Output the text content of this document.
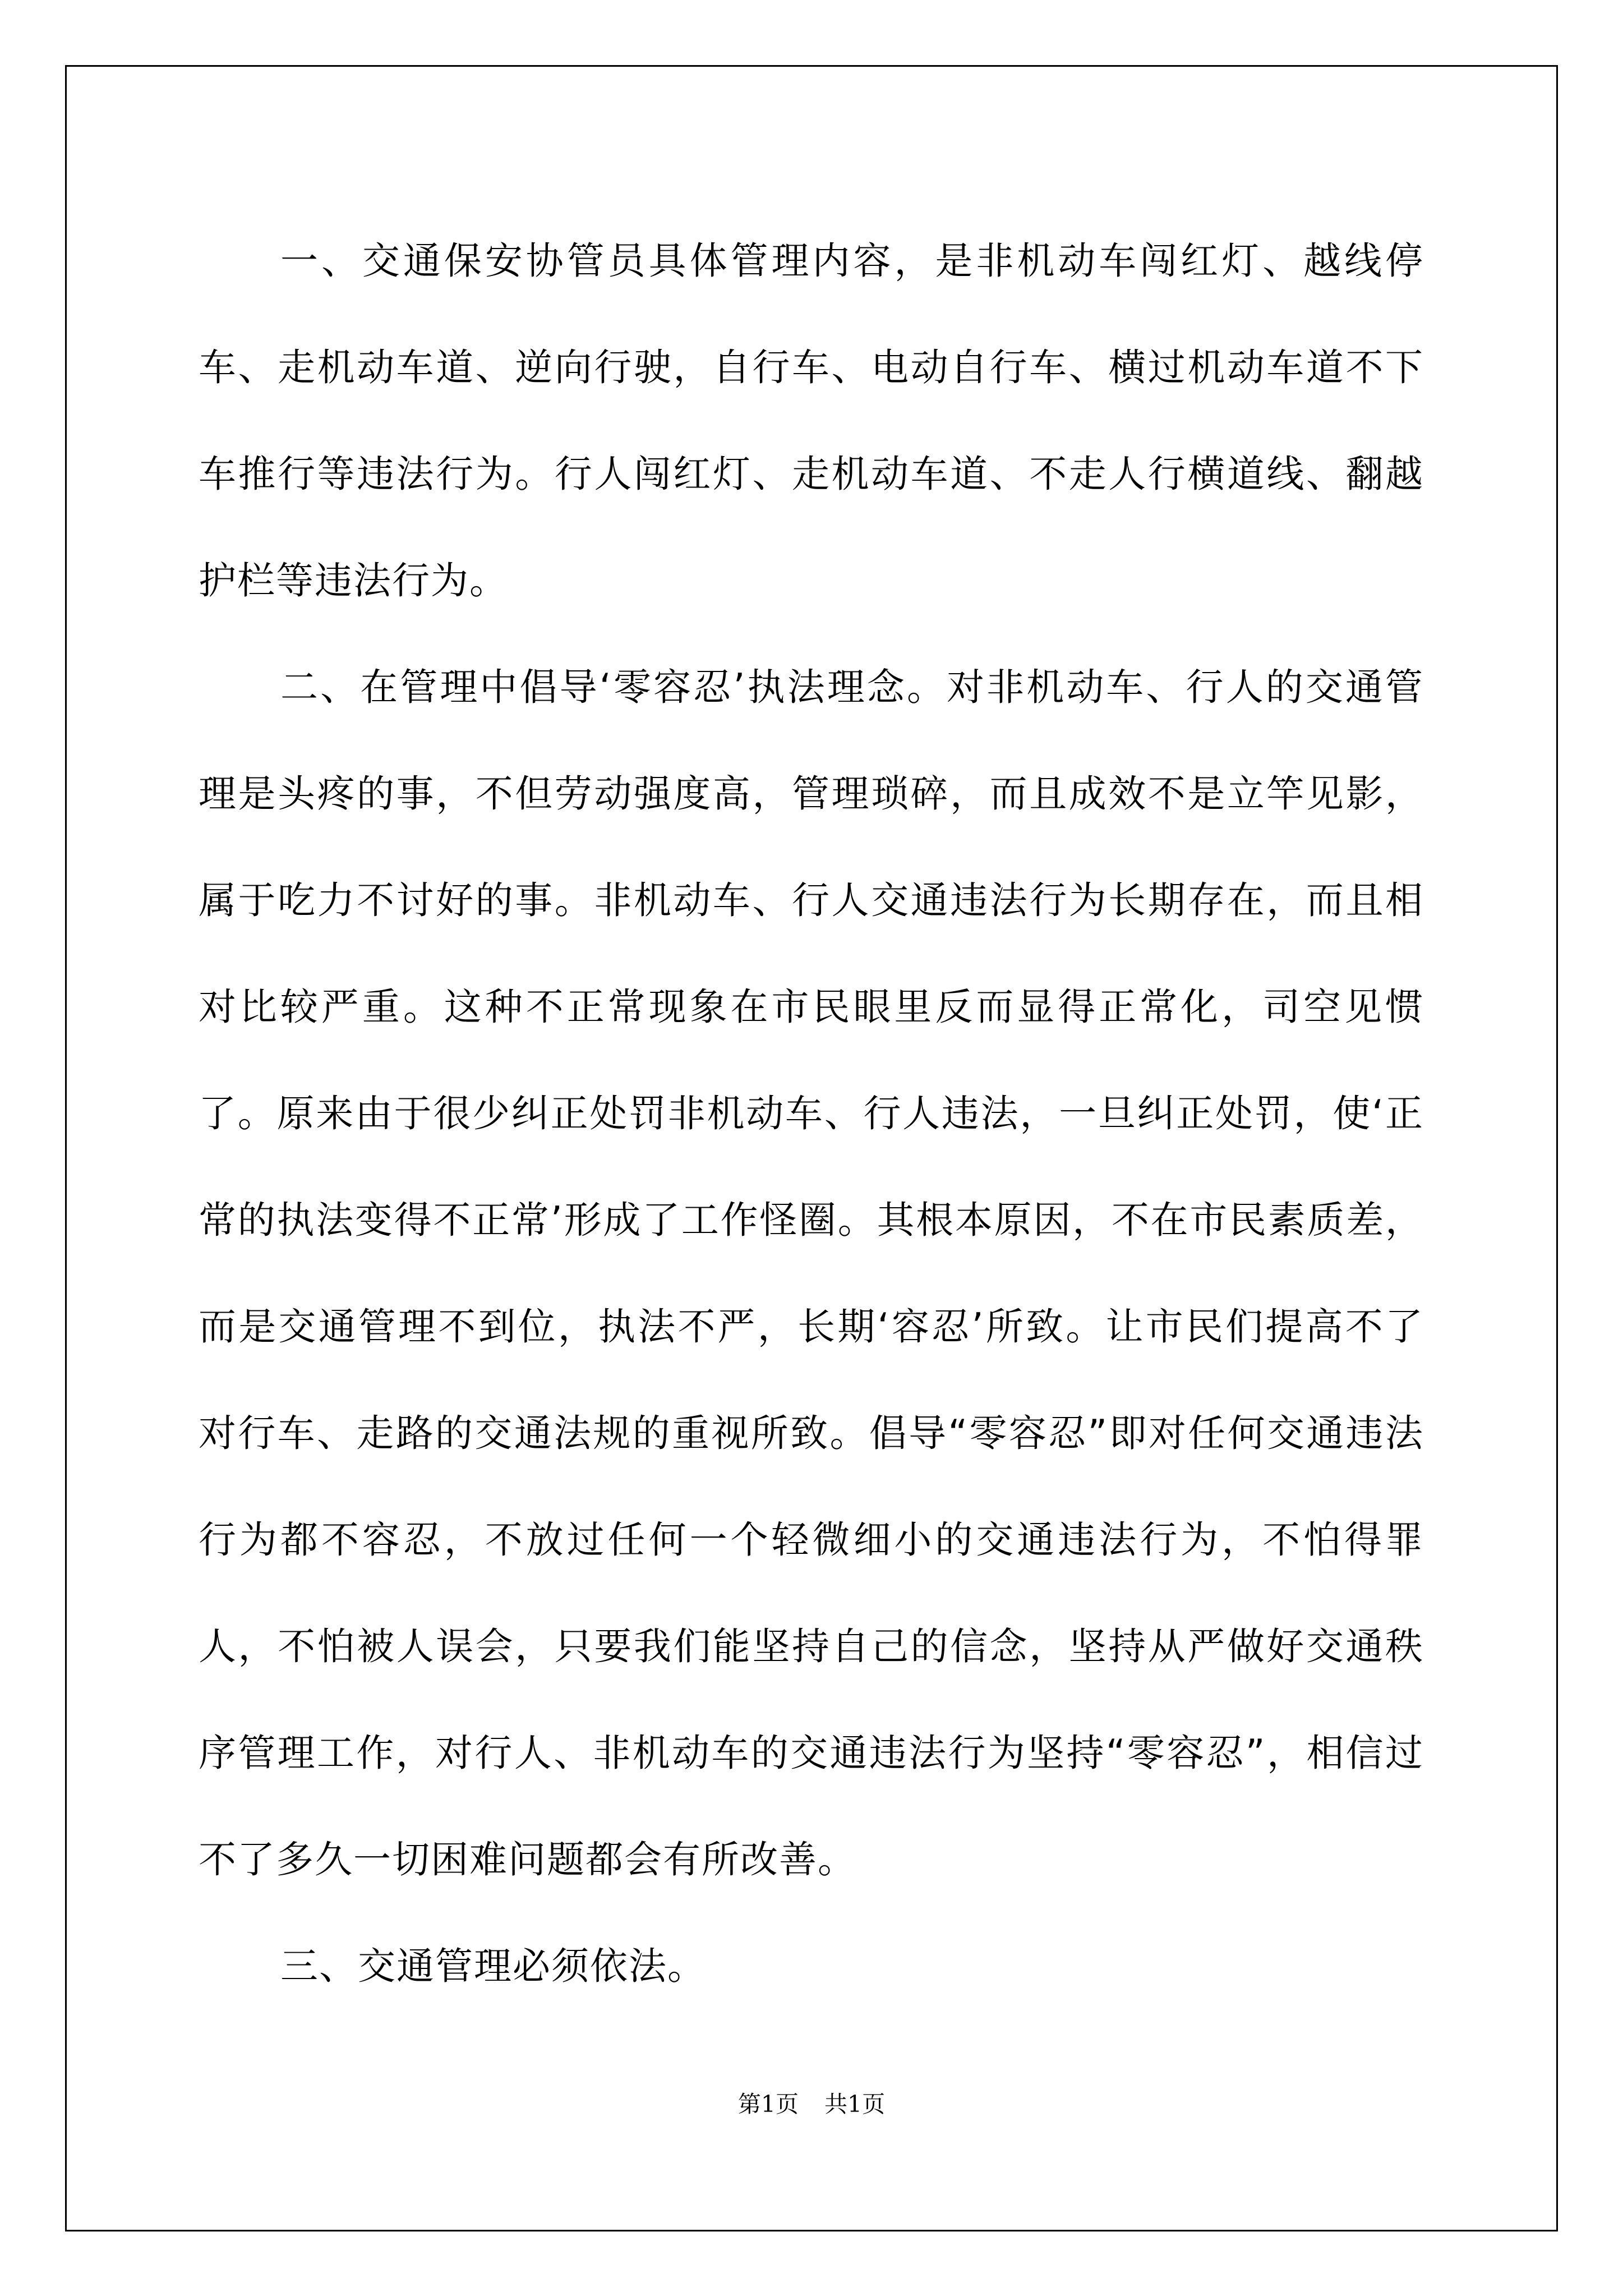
一、交通保安协管员具体管理内容，是非机动车闯红灯、越线停车、走机动车道、逆向行驶，自行车、电动自行车、横过机动车道不下车推行等违法行为。行人闯红灯、走机动车道、不走人行横道线、翻越护栏等违法行为。

二、在管理中倡导‘零容忍’执法理念。对非机动车、行人的交通管理是头疼的事，不但劳动强度高，管理琐碎，而且成效不是立竿见影，属于吃力不讨好的事。非机动车、行人交通违法行为长期存在，而且相对比较严重。这种不正常现象在市民眼里反而显得正常化，司空见惯了。原来由于很少纠正处罚非机动车、行人违法，一旦纠正处罚，使‘正常的执法变得不正常’形成了工作怪圈。其根本原因，不在市民素质差，而是交通管理不到位，执法不严，长期‘容忍’所致。让市民们提高不了对行车、走路的交通法规的重视所致。倡导“零容忍”即对任何交通违法行为都不容忍，不放过任何一个轻微细小的交通违法行为，不怕得罪人，不怕被人误会，只要我们能坚持自己的信念，坚持从严做好交通秩序管理工作，对行人、非机动车的交通违法行为坚持“零容忍”，相信过不了多久一切困难问题都会有所改善。

三、交通管理必须依法。

第1页 共1页
